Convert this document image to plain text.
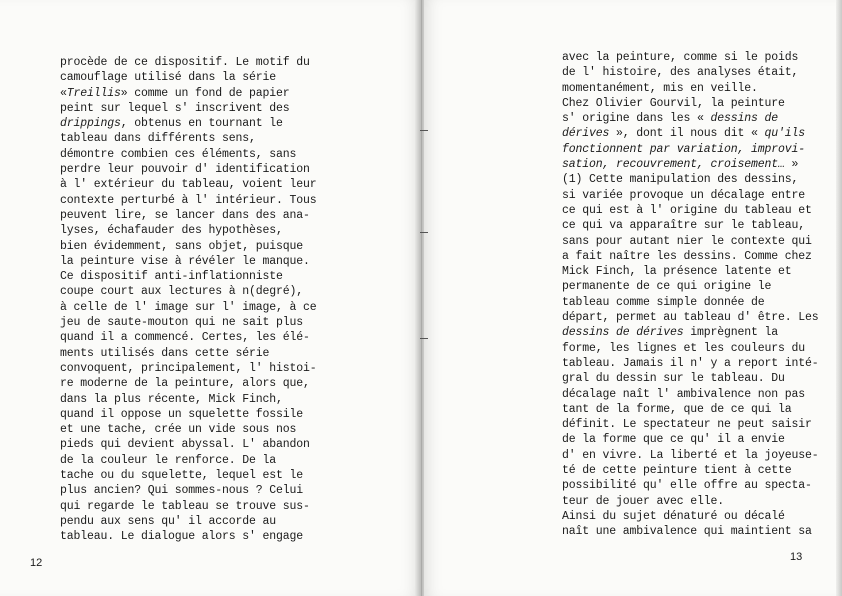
procède de ce dispositif. Le motif du
camouflage utilisé dans la série
«Treillis» comme un fond de papier
peint sur lequel s' inscrivent des
drippings, obtenus en tournant le
tableau dans différents sens,
démontre combien ces éléments, sans
perdre leur pouvoir d' identification
à l' extérieur du tableau, voient leur
contexte perturbé à l' intérieur. Tous
peuvent lire, se lancer dans des ana-
lyses, échafauder des hypothèses,
bien évidemment, sans objet, puisque
la peinture vise à révéler le manque.
Ce dispositif anti-inflationniste
coupe court aux lectures à n(degré),
à celle de l' image sur l' image, à ce
jeu de saute-mouton qui ne sait plus
quand il a commencé. Certes, les élé-
ments utilisés dans cette série
convoquent, principalement, l' histoi-
re moderne de la peinture, alors que,
dans la plus récente, Mick Finch,
quand il oppose un squelette fossile
et une tache, crée un vide sous nos
pieds qui devient abyssal. L' abandon
de la couleur le renforce. De la
tache ou du squelette, lequel est le
plus ancien? Qui sommes-nous ? Celui
qui regarde le tableau se trouve sus-
pendu aux sens qu' il accorde au
tableau. Le dialogue alors s' engage
12
avec la peinture, comme si le poids
de l' histoire, des analyses était,
momentanément, mis en veille.
Chez Olivier Gourvil, la peinture
s' origine dans les « dessins de
dérives », dont il nous dit « qu'ils
fonctionnent par variation, improvi-
sation, recouvrement, croisement… »
(1) Cette manipulation des dessins,
si variée provoque un décalage entre
ce qui est à l' origine du tableau et
ce qui va apparaître sur le tableau,
sans pour autant nier le contexte qui
a fait naître les dessins. Comme chez
Mick Finch, la présence latente et
permanente de ce qui origine le
tableau comme simple donnée de
départ, permet au tableau d' être. Les
dessins de dérives imprègnent la
forme, les lignes et les couleurs du
tableau. Jamais il n' y a report inté-
gral du dessin sur le tableau. Du
décalage naît l' ambivalence non pas
tant de la forme, que de ce qui la
définit. Le spectateur ne peut saisir
de la forme que ce qu' il a envie
d' en vivre. La liberté et la joyeuse-
té de cette peinture tient à cette
possibilité qu' elle offre au specta-
teur de jouer avec elle.
Ainsi du sujet dénaturé ou décalé
naît une ambivalence qui maintient sa
13
